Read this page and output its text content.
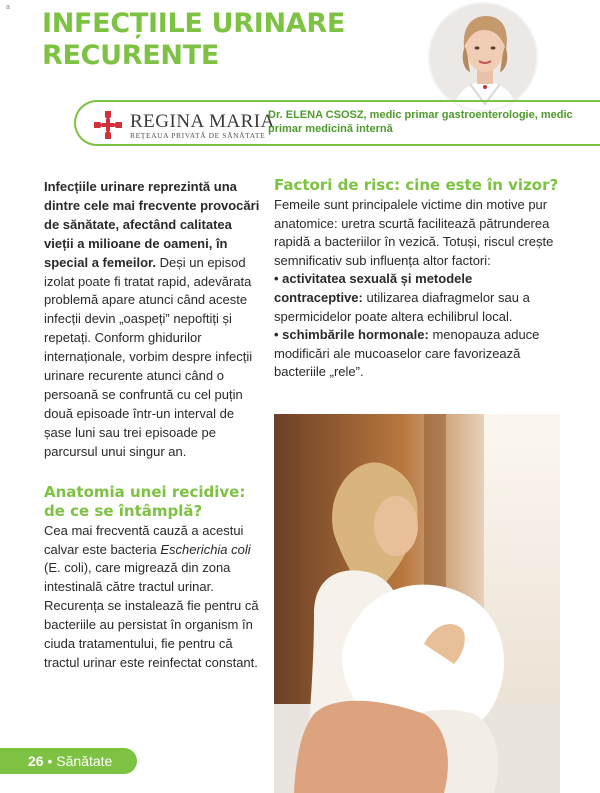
a
INFECȚIILE URINARE RECURENTE
REGINA MARIA
REȚEAUA PRIVATĂ DE SĂNĂTATE
Dr. ELENA CSOSZ, medic primar gastroenterologie, medic primar medicină internă

Infecțiile urinare reprezintă una dintre cele mai frecvente provocări de sănătate, afectând calitatea vieții a milioane de oameni, în special a femeilor. Deși un episod izolat poate fi tratat rapid, adevărata problemă apare atunci când aceste infecții devin „oaspeți” nepoftiți și repetați. Conform ghidurilor internaționale, vorbim despre infecții urinare recurente atunci când o persoană se confruntă cu cel puțin două episoade într-un interval de șase luni sau trei episoade pe parcursul unui singur an.

Anatomia unei recidive: de ce se întâmplă?

Cea mai frecventă cauză a acestui calvar este bacteria Escherichia coli (E. coli), care migrează din zona intestinală către tractul urinar. Recurența se instalează fie pentru că bacteriile au persistat în organism în ciuda tratamentului, fie pentru că tractul urinar este reinfectat constant.

Factori de risc: cine este în vizor?

Femeile sunt principalele victime din motive pur anatomice: uretra scurtă facilitează pătrunderea rapidă a bacteriilor în vezică. Totuși, riscul crește semnificativ sub influența altor factori:

• activitatea sexuală și metodele contraceptive: utilizarea diafragmelor sau a spermicidelor poate altera echilibrul local.

• schimbările hormonale: menopauza aduce modificări ale mucoaselor care favorizează bacteriile „rele”.

26 • Sănătate
